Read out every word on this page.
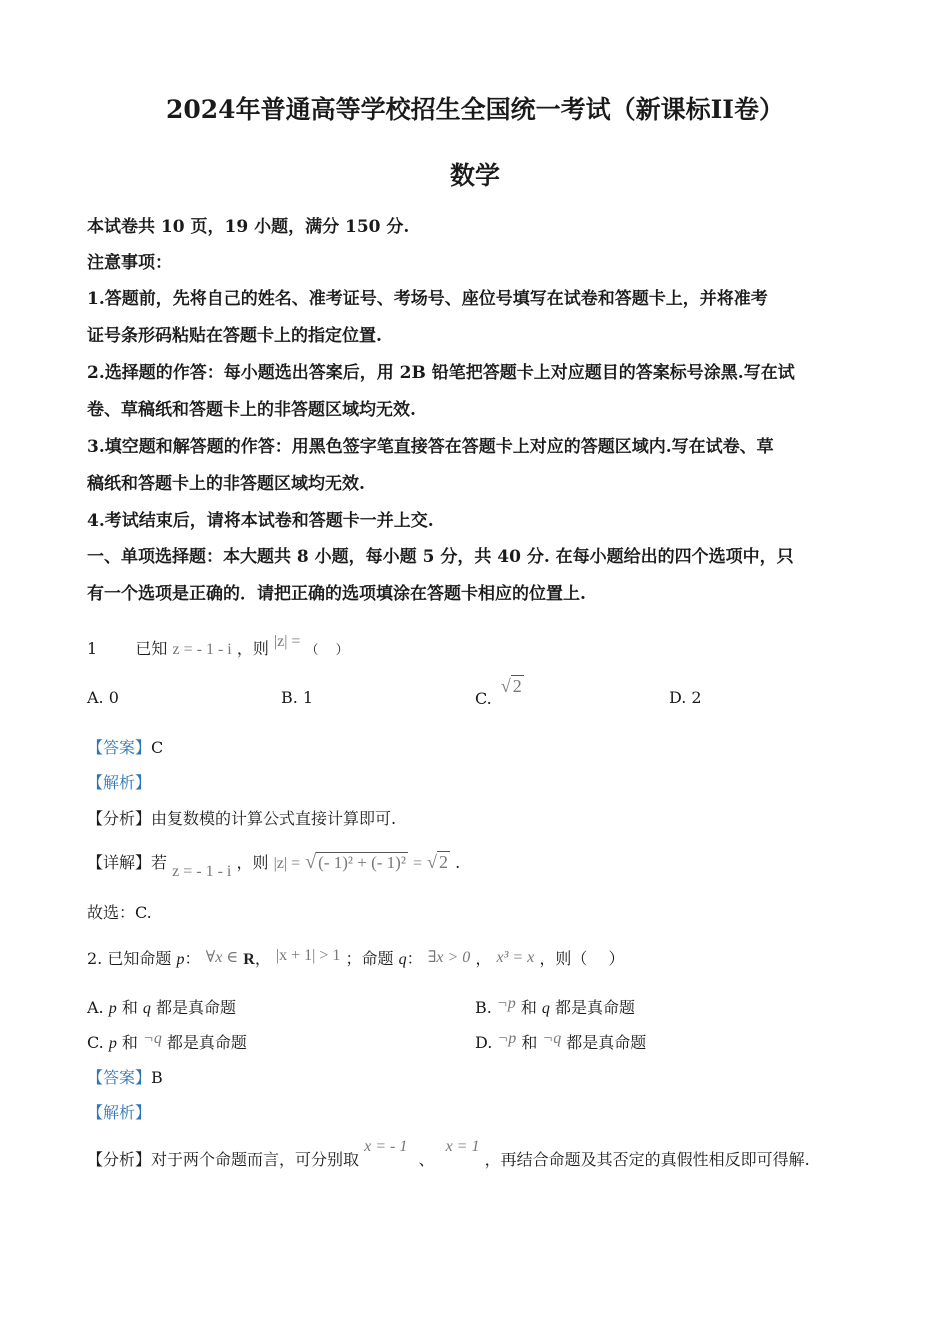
2024年普通高等学校招生全国统一考试（新课标II卷）
数学
本试卷共 10 页，19 小题，满分 150 分.
注意事项：
1.答题前，先将自己的姓名、准考证号、考场号、座位号填写在试卷和答题卡上，并将准考
证号条形码粘贴在答题卡上的指定位置.
2.选择题的作答：每小题选出答案后，用 2B 铅笔把答题卡上对应题目的答案标号涂黑.写在试
卷、草稿纸和答题卡上的非答题区域均无效.
3.填空题和解答题的作答：用黑色签字笔直接答在答题卡上对应的答题区域内.写在试卷、草
稿纸和答题卡上的非答题区域均无效.
4.考试结束后，请将本试卷和答题卡一并上交.
一、单项选择题：本大题共 8 小题，每小题 5 分，共 40 分. 在每小题给出的四个选项中，只
有一个选项是正确的．请把正确的选项填涂在答题卡相应的位置上.
1 已知 z = - 1 - i ，则 |z| = （　 ）
A. 0	B. 1	C. √ 2
D. 2
【答案】C
【解析】
【分析】由复数模的计算公式直接计算即可.
【详解】若 z = - 1 - i ，则 |z| = √ (- 1)² + (- 1)² = √ 2 .
故选：C.
2. 已知命题 p： ∀x ∈ R， |x + 1| > 1 ；命题 q： ∃x > 0 ， x³ = x ，则（　 ）
A. p 和 q 都是真命题	B. ¬p 和 q 都是真命题
C. p 和 ¬q 都是真命题	D. ¬p 和 ¬q 都是真命题
【答案】B
【解析】
【分析】对于两个命题而言，可分别取 x = - 1 、 x = 1 ，再结合命题及其否定的真假性相反即可得解.
